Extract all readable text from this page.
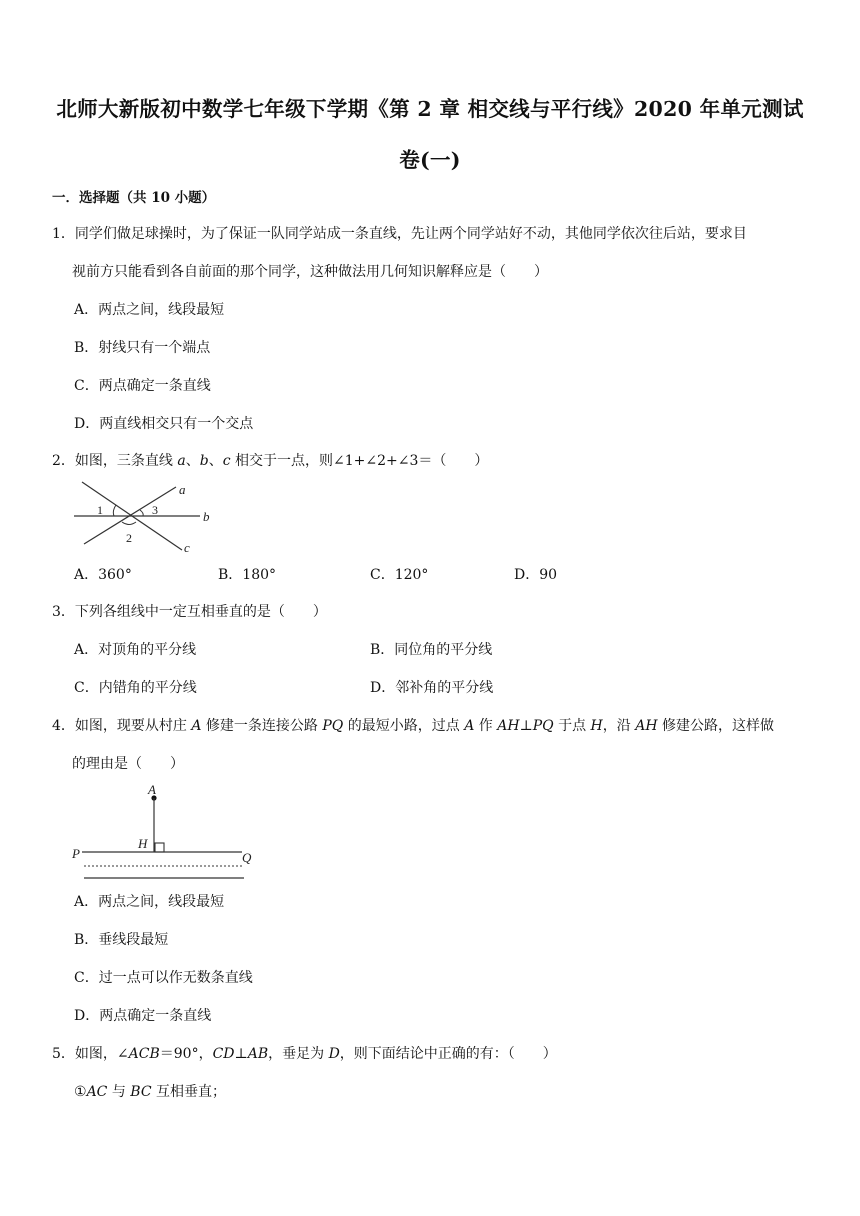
北师大新版初中数学七年级下学期《第 2 章 相交线与平行线》2020 年单元测试
卷(一)
一．选择题（共 10 小题）
1．同学们做足球操时，为了保证一队同学站成一条直线，先让两个同学站好不动，其他同学依次往后站，要求目
视前方只能看到各自前面的那个同学，这种做法用几何知识解释应是（　　）
A．两点之间，线段最短
B．射线只有一个端点
C．两点确定一条直线
D．两直线相交只有一个交点
2．如图，三条直线 a、b、c 相交于一点，则∠1+∠2+∠3＝（　　）
1
2
3
a
b
c
A．360°	B．180°	C．120°	D．90
3．下列各组线中一定互相垂直的是（　　）
A．对顶角的平分线	B．同位角的平分线
C．内错角的平分线	D．邻补角的平分线
4．如图，现要从村庄 A 修建一条连接公路 PQ 的最短小路，过点 A 作 AH⊥PQ 于点 H，沿 AH 修建公路，这样做
的理由是（　　）
A
H
P	Q
A．两点之间，线段最短
B．垂线段最短
C．过一点可以作无数条直线
D．两点确定一条直线
5．如图，∠ACB＝90°，CD⊥AB，垂足为 D，则下面结论中正确的有：（　　）
①AC 与 BC 互相垂直；
